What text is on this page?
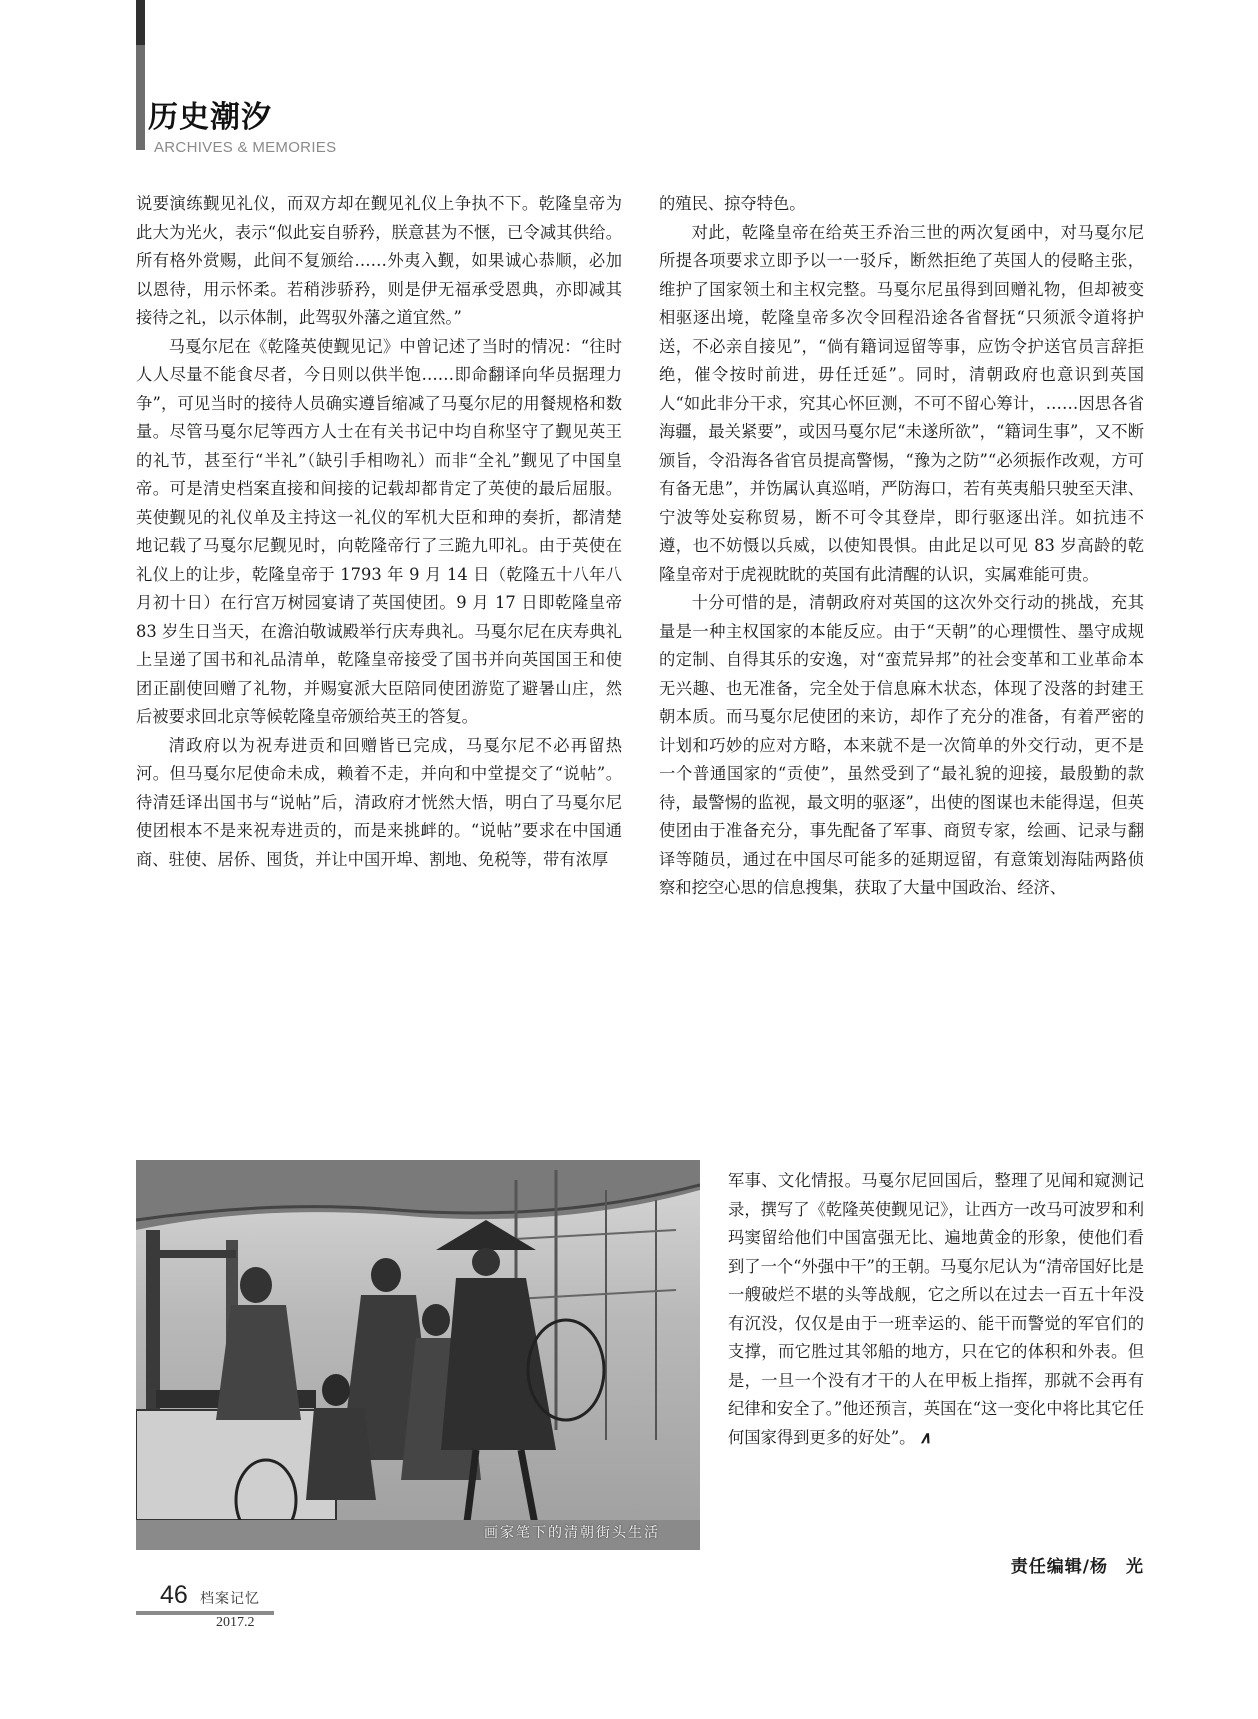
历史潮汐
ARCHIVES & MEMORIES

说要演练觐见礼仪，而双方却在觐见礼仪上争执不下。乾隆皇帝为此大为光火，表示“似此妄自骄矜，朕意甚为不惬，已令减其供给。所有格外赏赐，此间不复颁给……外夷入觐，如果诚心恭顺，必加以恩待，用示怀柔。若稍涉骄矜，则是伊无福承受恩典，亦即减其接待之礼，以示体制，此驾驭外藩之道宜然。”

马戛尔尼在《乾隆英使觐见记》中曾记述了当时的情况：“往时人人尽量不能食尽者，今日则以供半饱……即命翻译向华员据理力争”，可见当时的接待人员确实遵旨缩减了马戛尔尼的用餐规格和数量。尽管马戛尔尼等西方人士在有关书记中均自称坚守了觐见英王的礼节，甚至行“半礼”（缺引手相吻礼）而非“全礼”觐见了中国皇帝。可是清史档案直接和间接的记载却都肯定了英使的最后屈服。英使觐见的礼仪单及主持这一礼仪的军机大臣和珅的奏折，都清楚地记载了马戛尔尼觐见时，向乾隆帝行了三跪九叩礼。由于英使在礼仪上的让步，乾隆皇帝于 1793 年 9 月 14 日（乾隆五十八年八月初十日）在行宫万树园宴请了英国使团。9 月 17 日即乾隆皇帝 83 岁生日当天，在澹泊敬诚殿举行庆寿典礼。马戛尔尼在庆寿典礼上呈递了国书和礼品清单，乾隆皇帝接受了国书并向英国国王和使团正副使回赠了礼物，并赐宴派大臣陪同使团游览了避暑山庄，然后被要求回北京等候乾隆皇帝颁给英王的答复。

清政府以为祝寿进贡和回赠皆已完成，马戛尔尼不必再留热河。但马戛尔尼使命未成，赖着不走，并向和中堂提交了“说帖”。待清廷译出国书与“说帖”后，清政府才恍然大悟，明白了马戛尔尼使团根本不是来祝寿进贡的，而是来挑衅的。“说帖”要求在中国通商、驻使、居侨、囤货，并让中国开埠、割地、免税等，带有浓厚

的殖民、掠夺特色。

对此，乾隆皇帝在给英王乔治三世的两次复函中，对马戛尔尼所提各项要求立即予以一一驳斥，断然拒绝了英国人的侵略主张，维护了国家领土和主权完整。马戛尔尼虽得到回赠礼物，但却被变相驱逐出境，乾隆皇帝多次令回程沿途各省督抚“只须派令道将护送，不必亲自接见”，“倘有籍词逗留等事，应饬令护送官员言辞拒绝，催令按时前进，毋任迁延”。同时，清朝政府也意识到英国人“如此非分干求，究其心怀叵测，不可不留心筹计，……因思各省海疆，最关紧要”，或因马戛尔尼“未遂所欲”，“籍词生事”，又不断颁旨，令沿海各省官员提高警惕，“豫为之防”“必须振作改观，方可有备无患”，并饬属认真巡哨，严防海口，若有英夷船只驶至天津、宁波等处妄称贸易，断不可令其登岸，即行驱逐出洋。如抗违不遵，也不妨慑以兵威，以使知畏惧。由此足以可见 83 岁高龄的乾隆皇帝对于虎视眈眈的英国有此清醒的认识，实属难能可贵。

十分可惜的是，清朝政府对英国的这次外交行动的挑战，充其量是一种主权国家的本能反应。由于“天朝”的心理惯性、墨守成规的定制、自得其乐的安逸，对“蛮荒异邦”的社会变革和工业革命本无兴趣、也无准备，完全处于信息麻木状态，体现了没落的封建王朝本质。而马戛尔尼使团的来访，却作了充分的准备，有着严密的计划和巧妙的应对方略，本来就不是一次简单的外交行动，更不是一个普通国家的“贡使”，虽然受到了“最礼貌的迎接，最殷勤的款待，最警惕的监视，最文明的驱逐”，出使的图谋也未能得逞，但英使团由于准备充分，事先配备了军事、商贸专家，绘画、记录与翻译等随员，通过在中国尽可能多的延期逗留，有意策划海陆两路侦察和挖空心思的信息搜集，获取了大量中国政治、经济、

军事、文化情报。马戛尔尼回国后，整理了见闻和窥测记录，撰写了《乾隆英使觐见记》，让西方一改马可波罗和利玛窦留给他们中国富强无比、遍地黄金的形象，使他们看到了一个“外强中干”的王朝。马戛尔尼认为“清帝国好比是一艘破烂不堪的头等战舰，它之所以在过去一百五十年没有沉没，仅仅是由于一班幸运的、能干而警觉的军官们的支撑，而它胜过其邻船的地方，只在它的体积和外表。但是，一旦一个没有才干的人在甲板上指挥，那就不会再有纪律和安全了。”他还预言，英国在“这一变化中将比其它任何国家得到更多的好处”。 ∧

画家笔下的清朝街头生活
责任编辑/杨　光
46 档案记忆
2017.2
